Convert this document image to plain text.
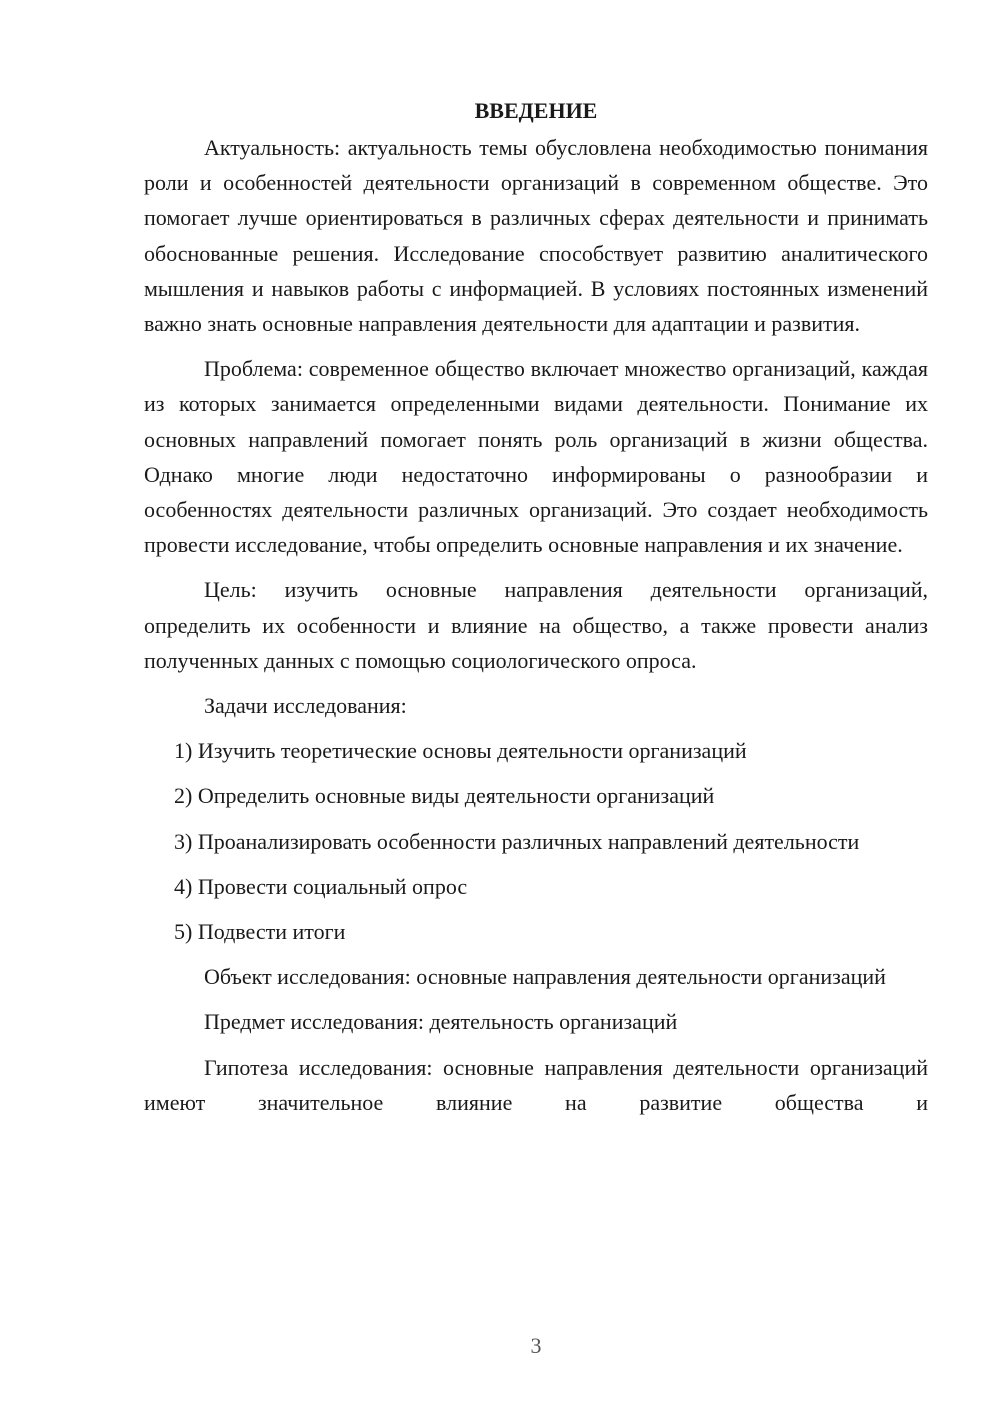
ВВЕДЕНИЕ

Актуальность: актуальность темы обусловлена необходимостью понимания роли и особенностей деятельности организаций в современном обществе. Это помогает лучше ориентироваться в различных сферах деятельности и принимать обоснованные решения. Исследование способствует развитию аналитического мышления и навыков работы с информацией. В условиях постоянных изменений важно знать основные направления деятельности для адаптации и развития.

Проблема: современное общество включает множество организаций, каждая из которых занимается определенными видами деятельности. Понимание их основных направлений помогает понять роль организаций в жизни общества. Однако многие люди недостаточно информированы о разнообразии и особенностях деятельности различных организаций. Это создает необходимость провести исследование, чтобы определить основные направления и их значение.

Цель: изучить основные направления деятельности организаций, определить их особенности и влияние на общество, а также провести анализ полученных данных с помощью социологического опроса.

Задачи исследования:

1) Изучить теоретические основы деятельности организаций

2) Определить основные виды деятельности организаций

3) Проанализировать особенности различных направлений деятельности

4) Провести социальный опрос

5) Подвести итоги

Объект исследования: основные направления деятельности организаций

Предмет исследования: деятельность организаций

Гипотеза исследования: основные направления деятельности организаций имеют значительное влияние на развитие общества и

3
